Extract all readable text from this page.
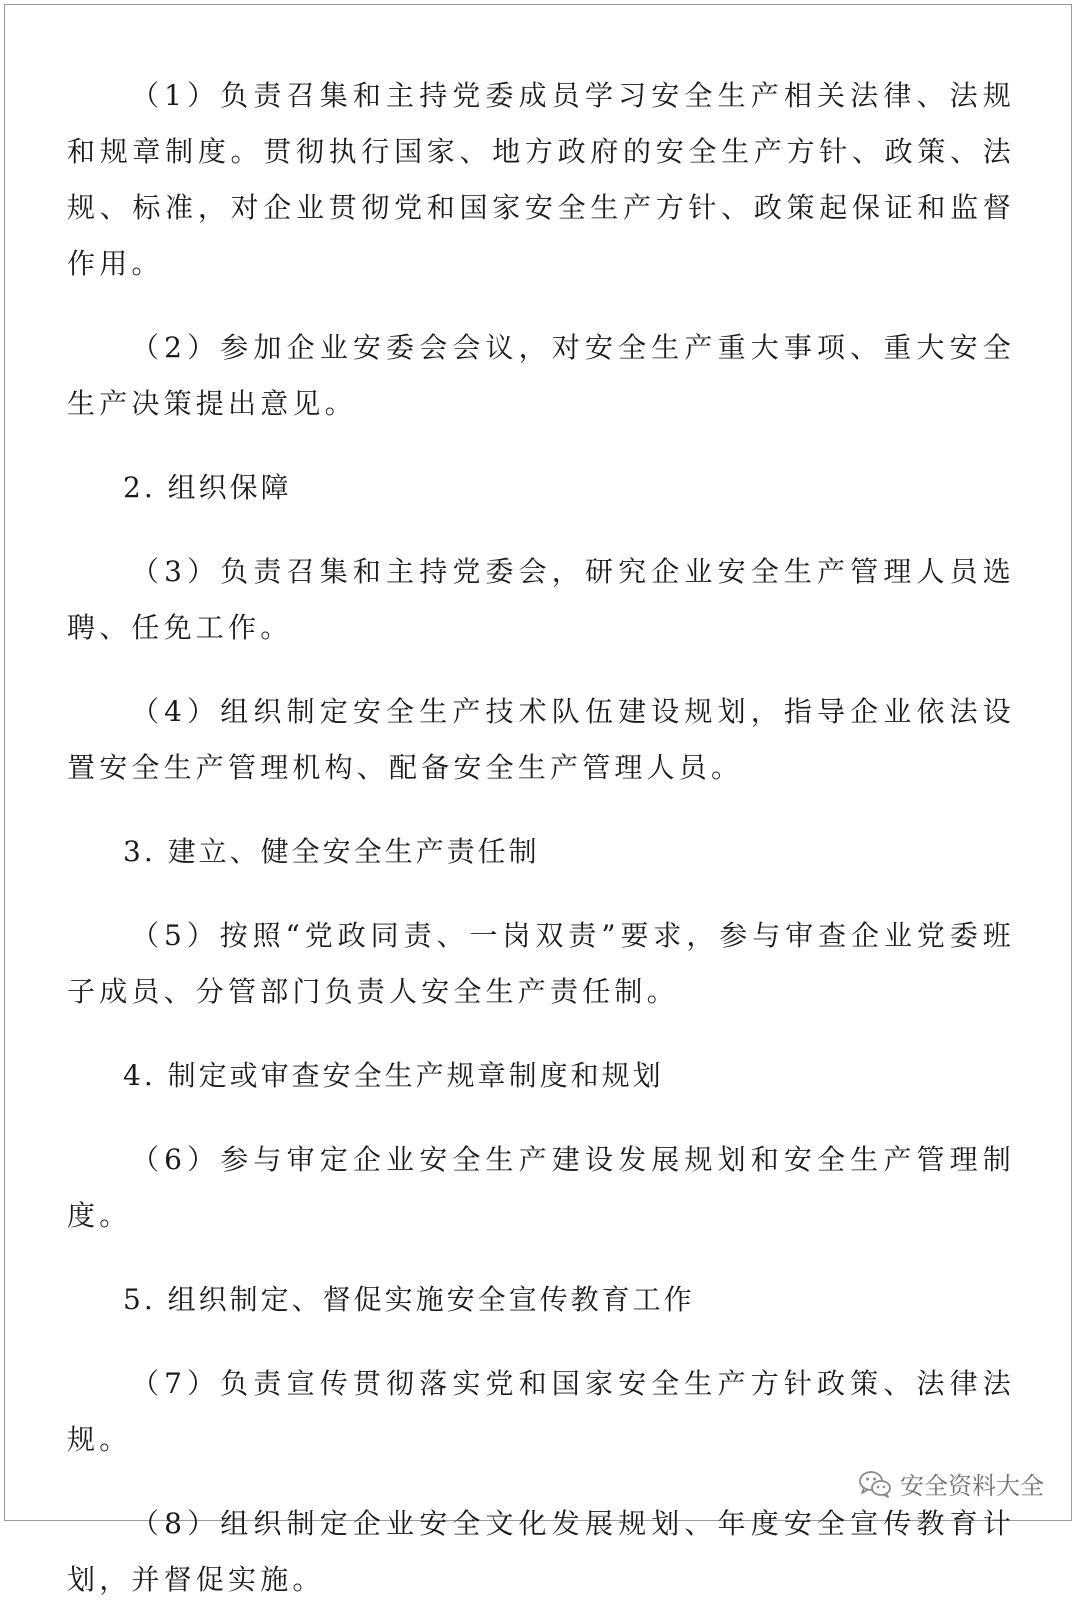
（1）负责召集和主持党委成员学习安全生产相关法律、法规和规章制度。贯彻执行国家、地方政府的安全生产方针、政策、法规、标准，对企业贯彻党和国家安全生产方针、政策起保证和监督作用。

（2）参加企业安委会会议，对安全生产重大事项、重大安全生产决策提出意见。

2. 组织保障

（3）负责召集和主持党委会，研究企业安全生产管理人员选聘、任免工作。

（4）组织制定安全生产技术队伍建设规划，指导企业依法设置安全生产管理机构、配备安全生产管理人员。

3. 建立、健全安全生产责任制

（5）按照“党政同责、一岗双责”要求，参与审查企业党委班子成员、分管部门负责人安全生产责任制。

4. 制定或审查安全生产规章制度和规划

（6）参与审定企业安全生产建设发展规划和安全生产管理制度。

5. 组织制定、督促实施安全宣传教育工作

（7）负责宣传贯彻落实党和国家安全生产方针政策、法律法规。

（8）组织制定企业安全文化发展规划、年度安全宣传教育计划，并督促实施。

安全资料大全
